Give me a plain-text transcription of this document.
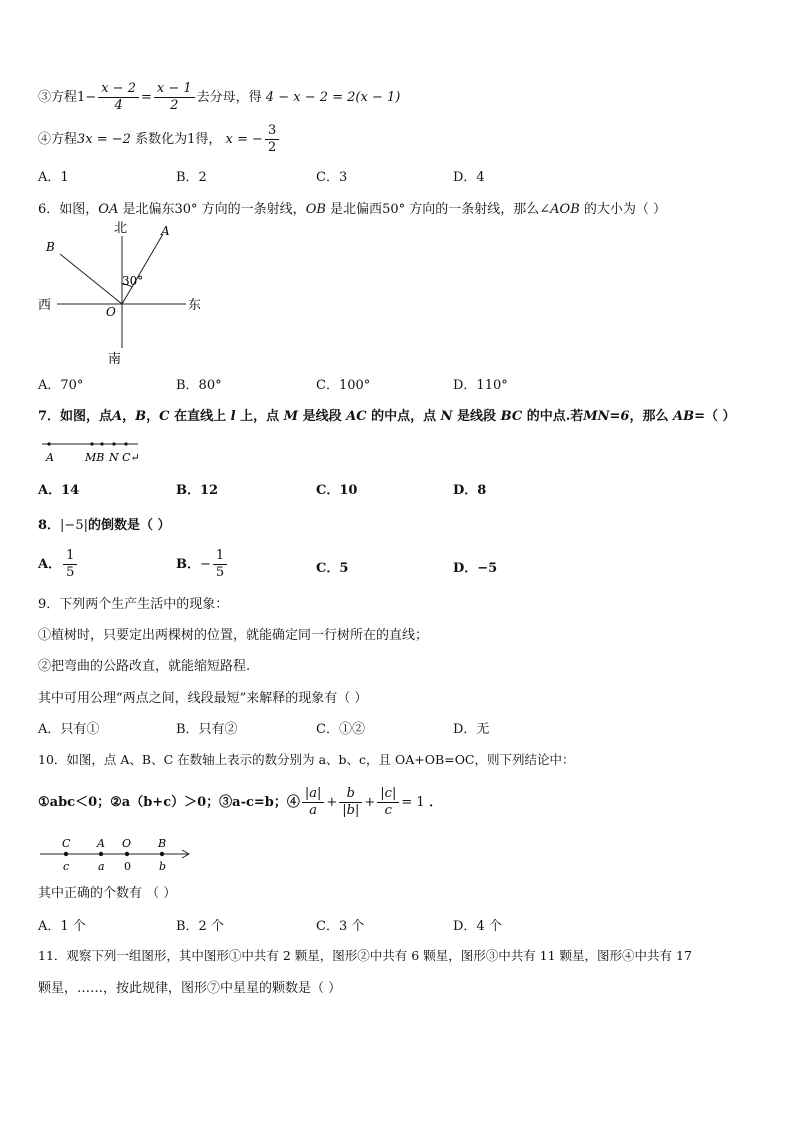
③方程$1- \frac{x - 2}{4} = \frac{x - 1}{2}$ 去分母，得 4 − x − 2 = 2(x − 1)
④方程3x = −2 系数化为1得， x = − $\frac{3}{2}$
A．1	B．2	C．3	D．4
6．如图，OA 是北偏东30° 方向的一条射线，OB 是北偏西50° 方向的一条射线，那么∠AOB 的大小为（ ）
北
南
西	东
A
B
O
30°
A．70°	B．80°	C．100°	D．110°
7．如图，点A，B，C 在直线上 l 上，点 M 是线段 AC 的中点，点 N 是线段 BC 的中点.若MN=6，那么 AB=（ ）
A	MB N C↵
A．14	B．12	C．10	D．8
8．|−5|的倒数是（ ）
A． $\frac{1}{5}$	B．− $\frac{1}{5}$	C．5	D．−5
9．下列两个生产生活中的现象：
①植树时，只要定出两棵树的位置，就能确定同一行树所在的直线；
②把弯曲的公路改直，就能缩短路程.
其中可用公理“两点之间，线段最短”来解释的现象有（ ）
A．只有①	B．只有②	C．①②	D．无
10．如图，点 A、B、C 在数轴上表示的数分别为 a、b、c，且 OA+OB=OC，则下列结论中：
①abc＜0；②a（b+c）＞0；③a-c=b；④ $\frac{|a|}{a} + \frac{b}{|b|} + \frac{|c|}{c} = 1$ ．
C A O B
c	a 0	b
其中正确的个数有 （ ）
A．1 个	B．2 个	C．3 个	D．4 个
11．观察下列一组图形，其中图形①中共有 2 颗星，图形②中共有 6 颗星，图形③中共有 11 颗星，图形④中共有 17
颗星，……，按此规律，图形⑦中星星的颗数是（ ）
